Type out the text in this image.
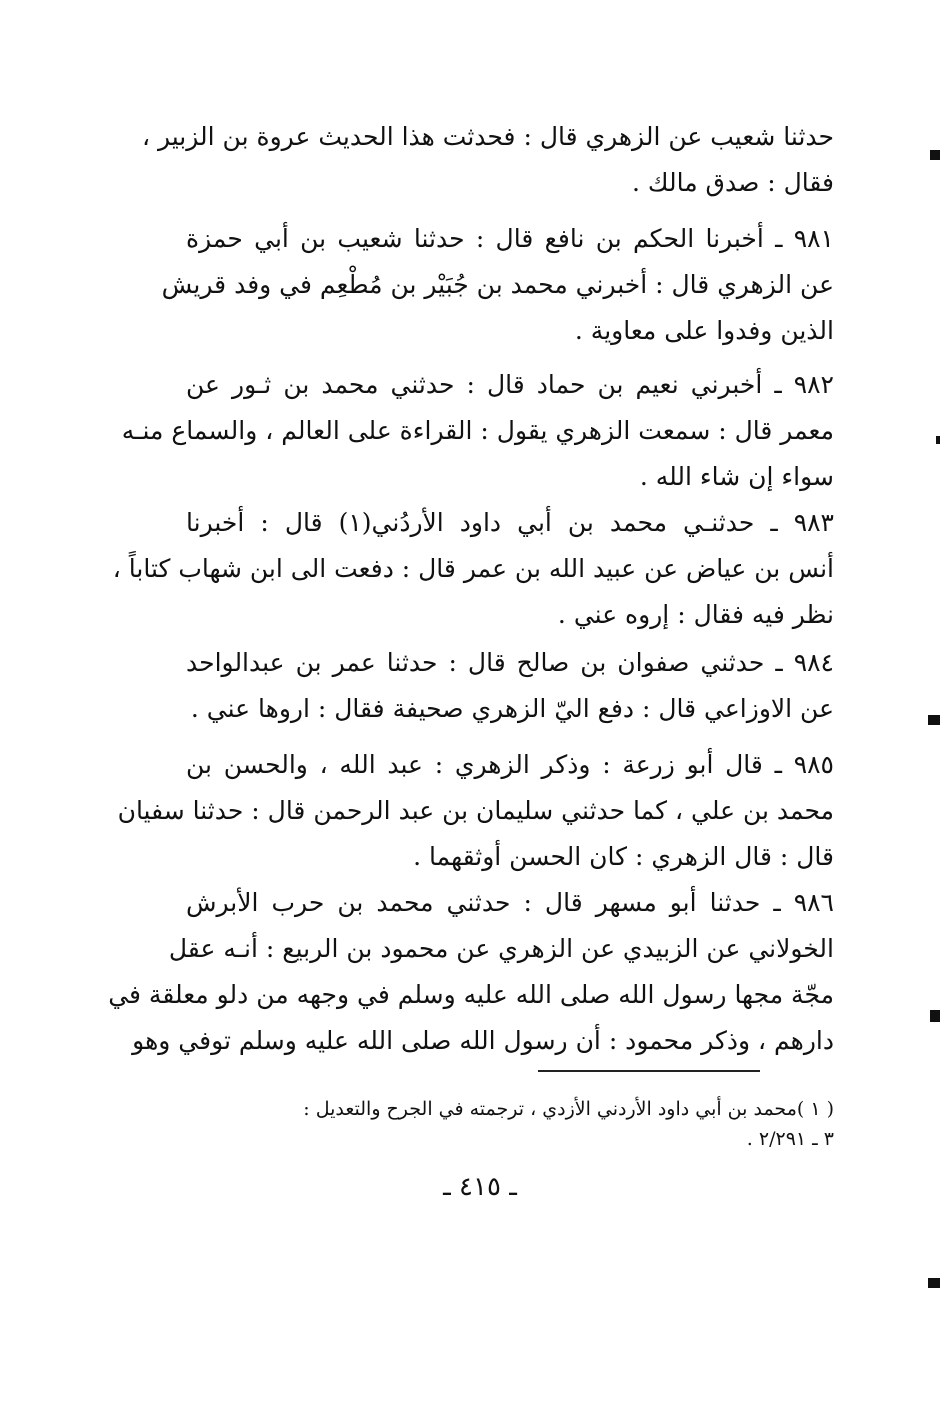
حدثنا شعيب عن الزهري قال : فحدثت هذا الحديث عروة بن الزبير ،
فقال : صدق مالك .
٩٨١ ـ أخبرنا الحكم بن نافع قال : حدثنا شعيب بن أبي حمزة
عن الزهري قال : أخبرني محمد بن جُبَيْر بن مُطْعِم في وفد قريش
الذين وفدوا على معاوية .
٩٨٢ ـ أخبرني نعيم بن حماد قال : حدثني محمد بن ثـور عن
معمر قال : سمعت الزهري يقول : القراءة على العالم ، والسماع منـه
سواء إن شاء الله .
٩٨٣ ـ حدثنـي محمد بن أبي داود الأردُني(١) قال : أخبرنا
أنس بن عياض عن عبيد الله بن عمر قال : دفعت الى ابن شهاب كتاباً ،
نظر فيه فقال : إروه عني .
٩٨٤ ـ حدثني صفوان بن صالح قال : حدثنا عمر بن عبدالواحد
عن الاوزاعي قال : دفع اليّ الزهري صحيفة فقال : اروها عني .
٩٨٥ ـ قال أبو زرعة : وذكر الزهري : عبد الله ، والحسن بن
محمد بن علي ، كما حدثني سليمان بن عبد الرحمن قال : حدثنا سفيان
قال : قال الزهري : كان الحسن أوثقهما .
٩٨٦ ـ حدثنا أبو مسهر قال : حدثني محمد بن حرب الأبرش
الخولاني عن الزبيدي عن الزهري عن محمود بن الربيع : أنـه عقل
مجّة مجها رسول الله صلى الله عليه وسلم في وجهه من دلو معلقة في
دارهم ، وذكر محمود : أن رسول الله صلى الله عليه وسلم توفي وهو
( ١ )محمد بن أبي داود الأردني الأزدي ، ترجمته في الجرح والتعديل :
٣ ـ ٢/٢٩١ .
ـ ٤١٥ ـ
